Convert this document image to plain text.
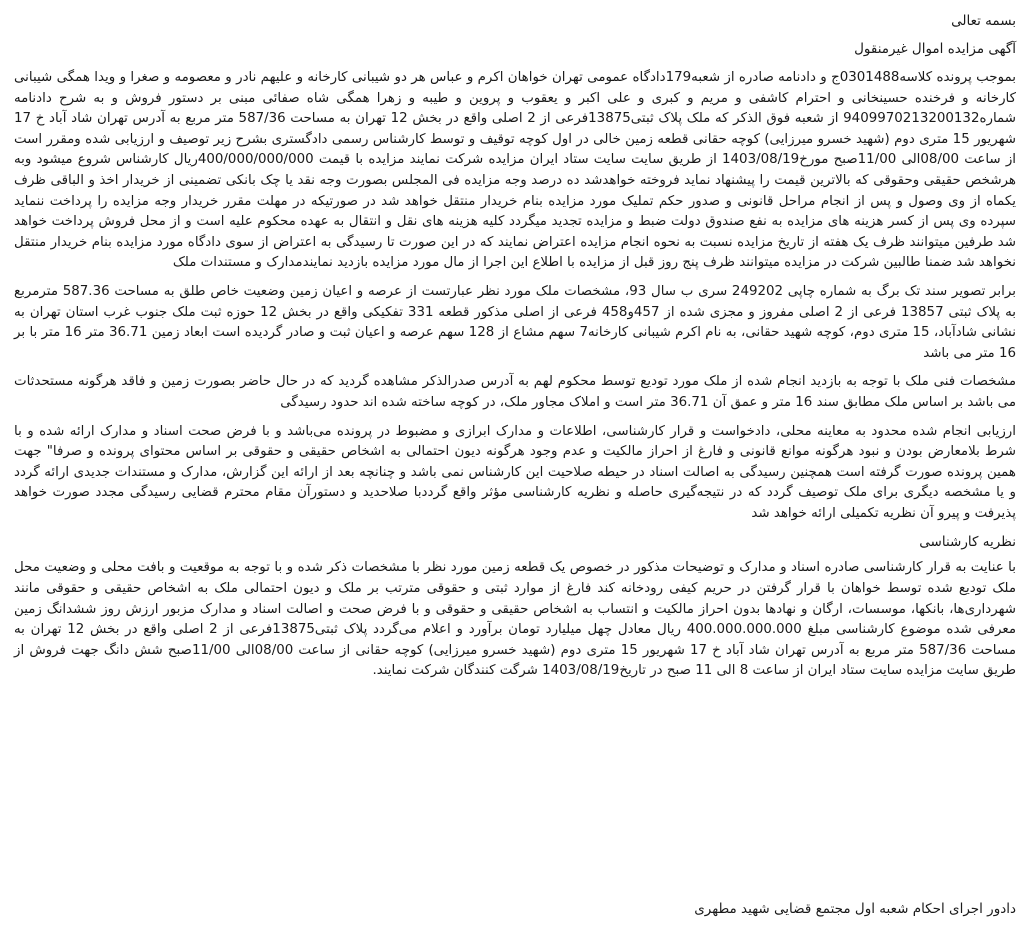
بسمه تعالی
آگهی مزایده اموال غیرمنقول

بموجب پرونده کلاسه0301488ج و دادنامه صادره از شعبه179دادگاه عمومی تهران خواهان اکرم و عباس هر دو شیبانی کارخانه و علیهم نادر و معصومه و صغرا و ویدا همگی شیبانی کارخانه و فرخنده حسینخانی و احترام کاشفی و مریم و کبری و علی اکبر و یعقوب و پروین و طیبه و زهرا همگی شاه صفائی مبنی بر دستور فروش و به شرح دادنامه شماره9409970213200132 از شعبه فوق الذکر که ملک پلاک ثبتی13875فرعی از 2 اصلی واقع در بخش 12 تهران به مساحت 587/36 متر مربع به آدرس تهران شاد آباد خ 17 شهریور 15 متری دوم (شهید خسرو میرزایی) کوچه حقانی قطعه زمین خالی در اول کوچه توقیف و توسط کارشناس رسمی دادگستری بشرح زیر توصیف و ارزیابی شده ومقرر است از ساعت 08/00الی 11/00صبح مورخ1403/08/19 از طریق سایت سایت ستاد ایران مزایده شرکت نمایند مزایده با قیمت 400/000/000/000ریال کارشناس شروع میشود وبه هرشخص حقیقی وحقوقی که بالاترین قیمت را پیشنهاد نماید فروخته خواهدشد ده درصد وجه مزایده فی المجلس بصورت وجه نقد یا چک بانکی تضمینی از خریدار اخذ و الباقی ظرف یکماه از وی وصول و پس از انجام مراحل قانونی و صدور حکم تملیک مورد مزایده بنام خریدار منتقل خواهد شد در صورتیکه در مهلت مقرر خریدار وجه مزایده را پرداخت ننماید سپرده وی پس از کسر هزینه های مزایده به نفع صندوق دولت ضبط و مزایده تجدید میگردد کلیه هزینه های نقل و انتقال به عهده محکوم علیه است و از محل فروش پرداخت خواهد شد طرفین میتوانند ظرف یک هفته از تاریخ مزایده نسبت به نحوه انجام مزایده اعتراض نمایند که در این صورت تا رسیدگی به اعتراض از سوی دادگاه مورد مزایده بنام خریدار منتقل نخواهد شد ضمنا طالبین شرکت در مزایده میتوانند ظرف پنج روز قبل از مزایده با اطلاع این اجرا از مال مورد مزایده بازدید نمایندمدارک و مستندات ملک

برابر تصویر سند تک برگ به شماره چاپی 249202 سری ب سال 93، مشخصات ملک مورد نظر عبارتست از عرصه و اعیان زمین وضعیت خاص طلق به مساحت 587.36 مترمربع به پلاک ثبتی 13857 فرعی از 2 اصلی مفروز و مجزی شده از 457و458 فرعی از اصلی مذکور قطعه 331 تفکیکی واقع در بخش 12 حوزه ثبت ملک جنوب غرب استان تهران به نشانی شادآباد، 15 متری دوم، کوچه شهید حقانی، به نام اکرم شیبانی کارخانه7 سهم مشاع از 128 سهم عرصه و اعیان ثبت و صادر گردیده است ابعاد زمین 36.71 متر 16 متر با بر 16 متر می باشد

مشخصات فنی ملک با توجه به بازدید انجام شده از ملک مورد تودیع توسط محکوم لهم به آدرس صدرالذکر مشاهده گردید که در حال حاضر بصورت زمین و فاقد هرگونه مستحدثات می باشد بر اساس ملک مطابق سند 16 متر و عمق آن 36.71 متر است و املاک مجاور ملک، در کوچه ساخته شده اند حدود رسیدگی

ارزیابی انجام شده محدود به معاینه محلی، دادخواست و قرار کارشناسی، اطلاعات و مدارک ابرازی و مضبوط در پرونده می‌باشد و با فرض صحت اسناد و مدارک ارائه شده و با شرط بلامعارض بودن و نبود هرگونه موانع قانونی و فارغ از احراز مالکیت و عدم وجود هرگونه دیون احتمالی به اشخاص حقیقی و حقوقی بر اساس محتوای پرونده و صرفا" جهت همین پرونده صورت گرفته است همچنین رسیدگی به اصالت اسناد در حیطه صلاحیت این کارشناس نمی باشد و چنانچه بعد از ارائه این گزارش، مدارک و مستندات جدیدی ارائه گردد و یا مشخصه دیگری برای ملک توصیف گردد که در نتیجه‌گیری حاصله و نظریه کارشناسی مؤثر واقع گرددبا صلاحدید و دستورآن مقام محترم قضایی رسیدگی مجدد صورت خواهد پذیرفت و پیرو آن نظریه تکمیلی ارائه خواهد شد

نظریه کارشناسی

با عنایت به قرار کارشناسی صادره اسناد و مدارک و توضیحات مذکور در خصوص یک قطعه زمین مورد نظر با مشخصات ذکر شده و با توجه به موقعیت و بافت محلی و وضعیت محل ملک تودیع شده توسط خواهان با قرار گرفتن در حریم کیفی رودخانه کند فارغ از موارد ثبتی و حقوقی مترتب بر ملک و دیون احتمالی ملک به اشخاص حقیقی و حقوقی مانند شهرداری‌ها، بانکها، موسسات، ارگان و نهادها بدون احراز مالکیت و انتساب به اشخاص حقیقی و حقوقی و با فرض صحت و اصالت اسناد و مدارک مزبور ارزش روز ششدانگ زمین معرفی شده موضوع کارشناسی مبلغ 400.000.000.000 ریال معادل چهل میلیارد تومان برآورد و اعلام می‌گردد پلاک ثبتی13875فرعی از 2 اصلی واقع در بخش 12 تهران به مساحت 587/36 متر مربع به آدرس تهران شاد آباد خ 17 شهریور 15 متری دوم (شهید خسرو میرزایی) کوچه حقانی از ساعت 08/00الی 11/00صبح شش دانگ جهت فروش از طریق سایت مزایده سایت ستاد ایران از ساعت 8 الی 11 صبح در تاریخ1403/08/19 شرگت کنندگان شرکت نمایند.

دادور اجرای احکام شعبه اول مجتمع قضایی شهید مطهری
